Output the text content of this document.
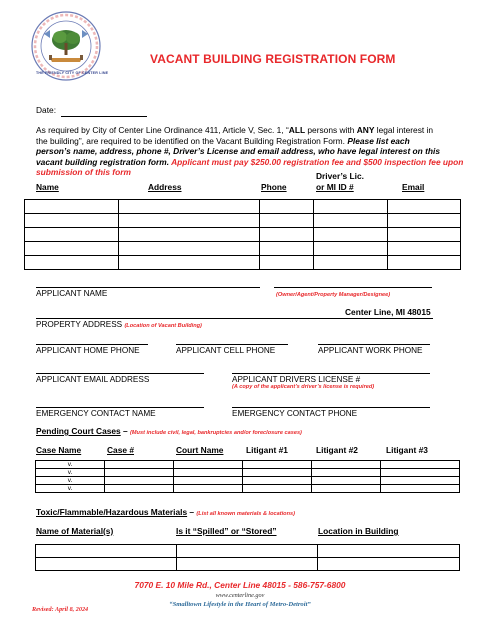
THE FRIENDLY CITY OF CENTER LINE
VACANT BUILDING REGISTRATION FORM
Date:
As required by City of Center Line Ordinance 411, Article V, Sec. 1, “ALL persons with ANY legal interest in
the building”, are required to be identified on the Vacant Building Registration Form. Please list each
person’s name, address, phone #, Driver’s License and email address, who have legal interest on this
vacant building registration form. Applicant must pay $250.00 registration fee and $500 inspection fee upon
submission of this form
Name	Address	Phone
Driver’s Lic.
or MI ID #	Email

APPLICANT NAME	(Owner/Agent/Property Manager/Designee)
Center Line, MI 48015
PROPERTY ADDRESS (Location of Vacant Building)
APPLICANT HOME PHONE	APPLICANT CELL PHONE	APPLICANT WORK PHONE
APPLICANT EMAIL ADDRESS	APPLICANT DRIVERS LICENSE #
(A copy of the applicant’s driver’s license is required)
EMERGENCY CONTACT NAME	EMERGENCY CONTACT PHONE
Pending Court Cases – (Must include civil, legal, bankruptcies and/or foreclosure cases)
Case Name	Case #	Court Name	Litigant #1	Litigant #2	Litigant #3
v.					
v.					
v.					
v.					
Toxic/Flammable/Hazardous Materials – (List all known materials & locations)
Name of Material(s)	Is it “Spilled” or “Stored”	Location in Building

7070 E. 10 Mile Rd., Center Line 48015 - 586-757-6800
www.centerline.gov
“Smalltown Lifestyle in the Heart of Metro-Detroit”
Revised: April 8, 2024
